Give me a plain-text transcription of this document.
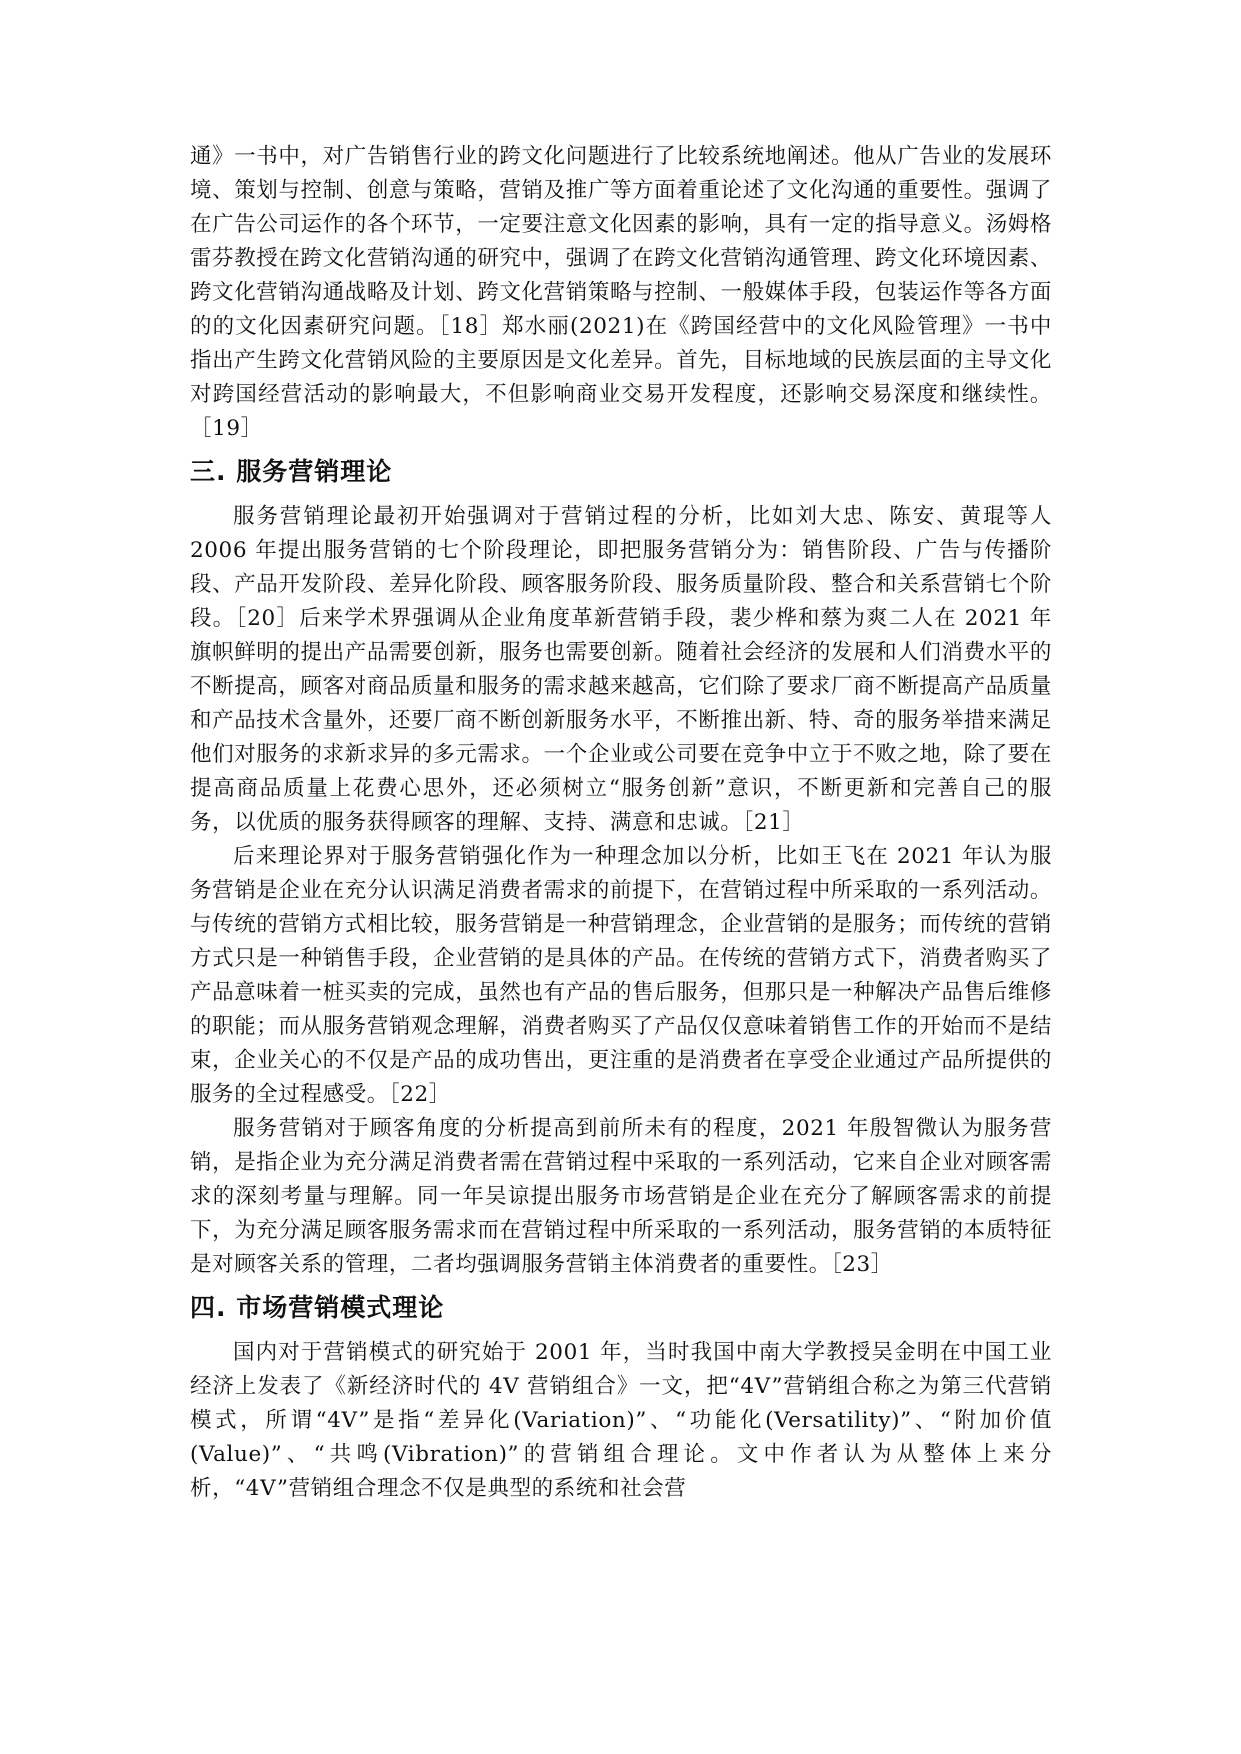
通》一书中，对广告销售行业的跨文化问题进行了比较系统地阐述。他从广告业的发展环境、策划与控制、创意与策略，营销及推广等方面着重论述了文化沟通的重要性。强调了在广告公司运作的各个环节，一定要注意文化因素的影响，具有一定的指导意义。汤姆格雷芬教授在跨文化营销沟通的研究中，强调了在跨文化营销沟通管理、跨文化环境因素、跨文化营销沟通战略及计划、跨文化营销策略与控制、一般媒体手段，包装运作等各方面的的文化因素研究问题。［18］郑水丽(2021)在《跨国经营中的文化风险管理》一书中指出产生跨文化营销风险的主要原因是文化差异。首先，目标地域的民族层面的主导文化对跨国经营活动的影响最大，不但影响商业交易开发程度，还影响交易深度和继续性。［19］

三. 服务营销理论

服务营销理论最初开始强调对于营销过程的分析，比如刘大忠、陈安、黄琨等人 2006 年提出服务营销的七个阶段理论，即把服务营销分为：销售阶段、广告与传播阶段、产品开发阶段、差异化阶段、顾客服务阶段、服务质量阶段、整合和关系营销七个阶段。［20］后来学术界强调从企业角度革新营销手段，裴少桦和蔡为爽二人在 2021 年旗帜鲜明的提出产品需要创新，服务也需要创新。随着社会经济的发展和人们消费水平的不断提高，顾客对商品质量和服务的需求越来越高，它们除了要求厂商不断提高产品质量和产品技术含量外，还要厂商不断创新服务水平，不断推出新、特、奇的服务举措来满足他们对服务的求新求异的多元需求。一个企业或公司要在竞争中立于不败之地，除了要在提高商品质量上花费心思外，还必须树立“服务创新”意识，不断更新和完善自己的服务，以优质的服务获得顾客的理解、支持、满意和忠诚。［21］

后来理论界对于服务营销强化作为一种理念加以分析，比如王飞在 2021 年认为服务营销是企业在充分认识满足消费者需求的前提下，在营销过程中所采取的一系列活动。与传统的营销方式相比较，服务营销是一种营销理念，企业营销的是服务；而传统的营销方式只是一种销售手段，企业营销的是具体的产品。在传统的营销方式下，消费者购买了产品意味着一桩买卖的完成，虽然也有产品的售后服务，但那只是一种解决产品售后维修的职能；而从服务营销观念理解，消费者购买了产品仅仅意味着销售工作的开始而不是结束，企业关心的不仅是产品的成功售出，更注重的是消费者在享受企业通过产品所提供的服务的全过程感受。［22］

服务营销对于顾客角度的分析提高到前所未有的程度，2021 年殷智微认为服务营销，是指企业为充分满足消费者需在营销过程中采取的一系列活动，它来自企业对顾客需求的深刻考量与理解。同一年吴谅提出服务市场营销是企业在充分了解顾客需求的前提下，为充分满足顾客服务需求而在营销过程中所采取的一系列活动，服务营销的本质特征是对顾客关系的管理，二者均强调服务营销主体消费者的重要性。［23］

四. 市场营销模式理论

国内对于营销模式的研究始于 2001 年，当时我国中南大学教授吴金明在中国工业经济上发表了《新经济时代的 4V 营销组合》一文，把“4V”营销组合称之为第三代营销模式，所谓“4V”是指“差异化(Variation)”、“功能化(Versatility)”、“附加价值(Value)”、“共鸣(Vibration)”的营销组合理论。文中作者认为从整体上来分析，“4V”营销组合理念不仅是典型的系统和社会营
